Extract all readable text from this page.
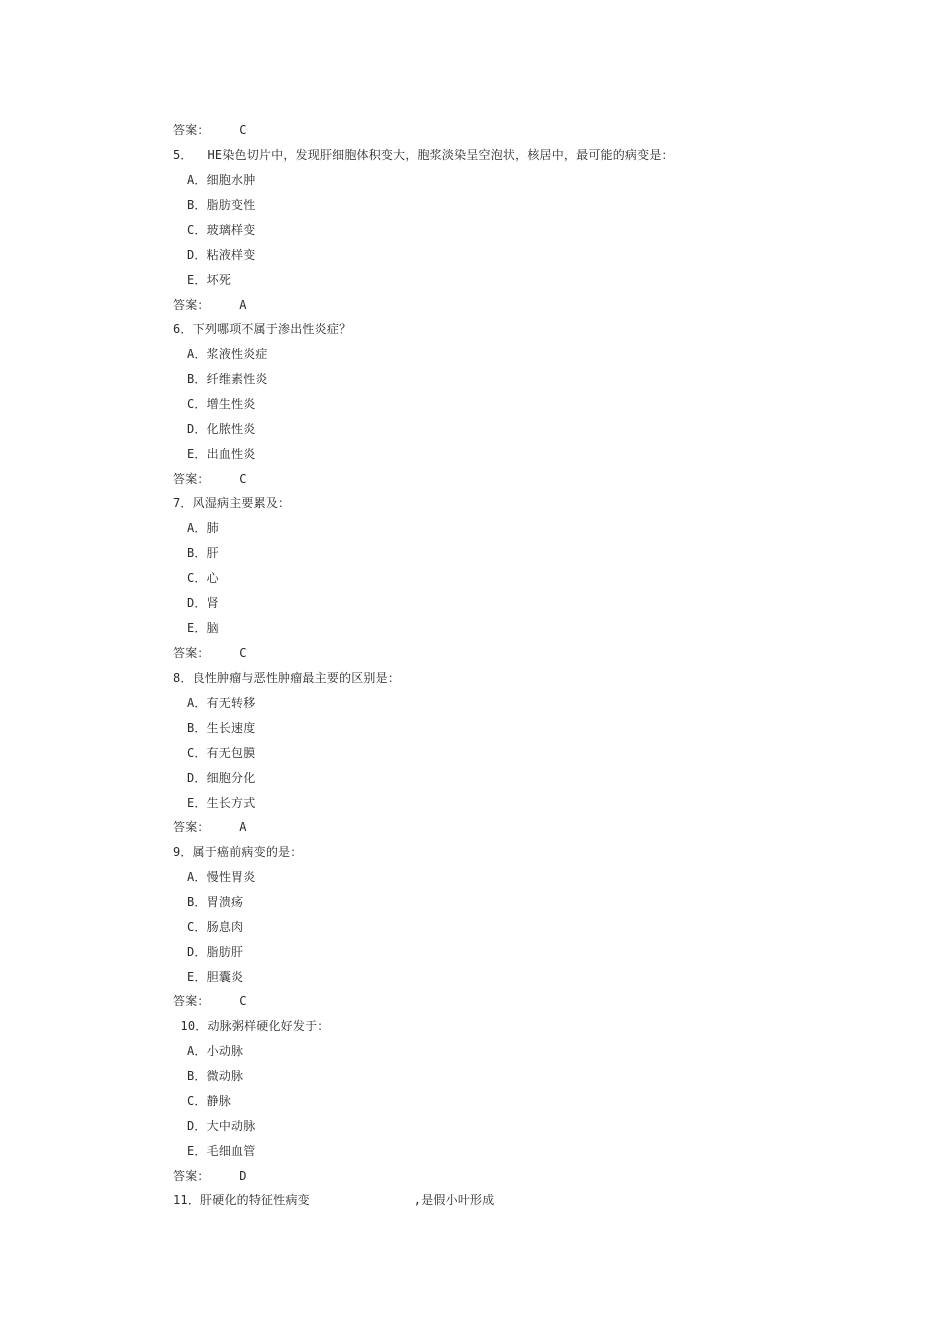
答案：    C
5．  HE染色切片中，发现肝细胞体积变大，胞浆淡染呈空泡状，核居中，最可能的病变是：
A．细胞水肿
B．脂肪变性
C．玻璃样变
D．粘液样变
E．坏死
答案：    A
6．下列哪项不属于渗出性炎症？
A．浆液性炎症
B．纤维素性炎
C．增生性炎
D．化脓性炎
E．出血性炎
答案：    C
7．风湿病主要累及：
A．肺
B．肝
C．心
D．肾
E．脑
答案：    C
8．良性肿瘤与恶性肿瘤最主要的区别是：
A．有无转移
B．生长速度
C．有无包膜
D．细胞分化
E．生长方式
答案：    A
9．属于癌前病变的是：
A．慢性胃炎
B．胃溃疡
C．肠息肉
D．脂肪肝
E．胆囊炎
答案：    C
10．动脉粥样硬化好发于：
A．小动脉
B．微动脉
C．静脉
D．大中动脉
E．毛细血管
答案：    D
11．肝硬化的特征性病变              ,是假小叶形成
